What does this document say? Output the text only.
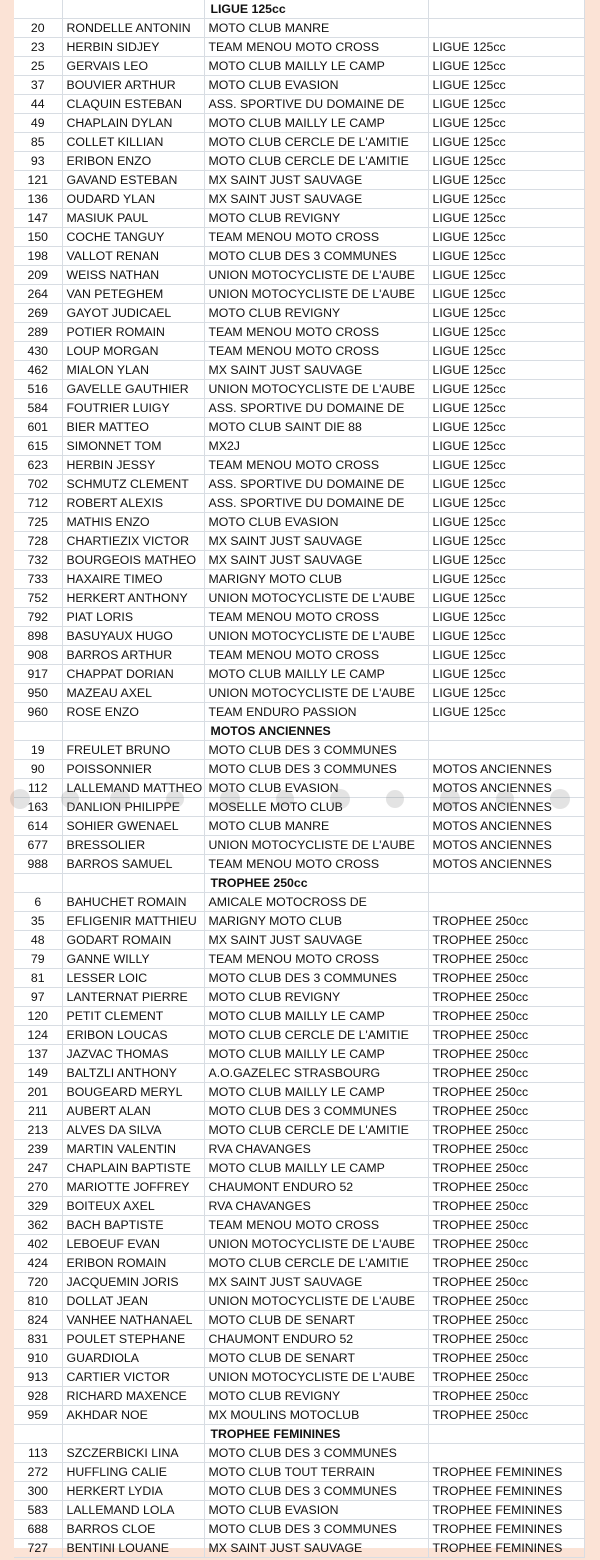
		LIGUE 125cc	
20	RONDELLE ANTONIN	MOTO CLUB MANRE	
23	HERBIN SIDJEY	TEAM MENOU MOTO CROSS	LIGUE 125cc
25	GERVAIS LEO	MOTO CLUB MAILLY LE CAMP	LIGUE 125cc
37	BOUVIER ARTHUR	MOTO CLUB EVASION	LIGUE 125cc
44	CLAQUIN ESTEBAN	ASS. SPORTIVE DU DOMAINE DE	LIGUE 125cc
49	CHAPLAIN DYLAN	MOTO CLUB MAILLY LE CAMP	LIGUE 125cc
85	COLLET KILLIAN	MOTO CLUB CERCLE DE L'AMITIE	LIGUE 125cc
93	ERIBON ENZO	MOTO CLUB CERCLE DE L'AMITIE	LIGUE 125cc
121	GAVAND ESTEBAN	MX SAINT JUST SAUVAGE	LIGUE 125cc
136	OUDARD YLAN	MX SAINT JUST SAUVAGE	LIGUE 125cc
147	MASIUK PAUL	MOTO CLUB REVIGNY	LIGUE 125cc
150	COCHE TANGUY	TEAM MENOU MOTO CROSS	LIGUE 125cc
198	VALLOT RENAN	MOTO CLUB DES 3 COMMUNES	LIGUE 125cc
209	WEISS NATHAN	UNION MOTOCYCLISTE DE L'AUBE	LIGUE 125cc
264	VAN PETEGHEM	UNION MOTOCYCLISTE DE L'AUBE	LIGUE 125cc
269	GAYOT JUDICAEL	MOTO CLUB REVIGNY	LIGUE 125cc
289	POTIER ROMAIN	TEAM MENOU MOTO CROSS	LIGUE 125cc
430	LOUP MORGAN	TEAM MENOU MOTO CROSS	LIGUE 125cc
462	MIALON YLAN	MX SAINT JUST SAUVAGE	LIGUE 125cc
516	GAVELLE GAUTHIER	UNION MOTOCYCLISTE DE L'AUBE	LIGUE 125cc
584	FOUTRIER LUIGY	ASS. SPORTIVE DU DOMAINE DE	LIGUE 125cc
601	BIER MATTEO	MOTO CLUB SAINT DIE 88	LIGUE 125cc
615	SIMONNET TOM	MX2J	LIGUE 125cc
623	HERBIN JESSY	TEAM MENOU MOTO CROSS	LIGUE 125cc
702	SCHMUTZ CLEMENT	ASS. SPORTIVE DU DOMAINE DE	LIGUE 125cc
712	ROBERT ALEXIS	ASS. SPORTIVE DU DOMAINE DE	LIGUE 125cc
725	MATHIS ENZO	MOTO CLUB EVASION	LIGUE 125cc
728	CHARTIEZIX VICTOR	MX SAINT JUST SAUVAGE	LIGUE 125cc
732	BOURGEOIS MATHEO	MX SAINT JUST SAUVAGE	LIGUE 125cc
733	HAXAIRE TIMEO	MARIGNY MOTO CLUB	LIGUE 125cc
752	HERKERT ANTHONY	UNION MOTOCYCLISTE DE L'AUBE	LIGUE 125cc
792	PIAT LORIS	TEAM MENOU MOTO CROSS	LIGUE 125cc
898	BASUYAUX HUGO	UNION MOTOCYCLISTE DE L'AUBE	LIGUE 125cc
908	BARROS ARTHUR	TEAM MENOU MOTO CROSS	LIGUE 125cc
917	CHAPPAT DORIAN	MOTO CLUB MAILLY LE CAMP	LIGUE 125cc
950	MAZEAU AXEL	UNION MOTOCYCLISTE DE L'AUBE	LIGUE 125cc
960	ROSE ENZO	TEAM ENDURO PASSION	LIGUE 125cc
		MOTOS ANCIENNES	
19	FREULET BRUNO	MOTO CLUB DES 3 COMMUNES	
90	POISSONNIER	MOTO CLUB DES 3 COMMUNES	MOTOS ANCIENNES
112	LALLEMAND MATTHEO	MOTO CLUB EVASION	MOTOS ANCIENNES
163	DANLION PHILIPPE	MOSELLE MOTO CLUB	MOTOS ANCIENNES
614	SOHIER GWENAEL	MOTO CLUB MANRE	MOTOS ANCIENNES
677	BRESSOLIER	UNION MOTOCYCLISTE DE L'AUBE	MOTOS ANCIENNES
988	BARROS SAMUEL	TEAM MENOU MOTO CROSS	MOTOS ANCIENNES
		TROPHEE 250cc	
6	BAHUCHET ROMAIN	AMICALE MOTOCROSS DE	
35	EFLIGENIR MATTHIEU	MARIGNY MOTO CLUB	TROPHEE 250cc
48	GODART ROMAIN	MX SAINT JUST SAUVAGE	TROPHEE 250cc
79	GANNE WILLY	TEAM MENOU MOTO CROSS	TROPHEE 250cc
81	LESSER LOIC	MOTO CLUB DES 3 COMMUNES	TROPHEE 250cc
97	LANTERNAT PIERRE	MOTO CLUB REVIGNY	TROPHEE 250cc
120	PETIT CLEMENT	MOTO CLUB MAILLY LE CAMP	TROPHEE 250cc
124	ERIBON LOUCAS	MOTO CLUB CERCLE DE L'AMITIE	TROPHEE 250cc
137	JAZVAC THOMAS	MOTO CLUB MAILLY LE CAMP	TROPHEE 250cc
149	BALTZLI ANTHONY	A.O.GAZELEC STRASBOURG	TROPHEE 250cc
201	BOUGEARD MERYL	MOTO CLUB MAILLY LE CAMP	TROPHEE 250cc
211	AUBERT ALAN	MOTO CLUB DES 3 COMMUNES	TROPHEE 250cc
213	ALVES DA SILVA	MOTO CLUB CERCLE DE L'AMITIE	TROPHEE 250cc
239	MARTIN VALENTIN	RVA CHAVANGES	TROPHEE 250cc
247	CHAPLAIN BAPTISTE	MOTO CLUB MAILLY LE CAMP	TROPHEE 250cc
270	MARIOTTE JOFFREY	CHAUMONT ENDURO 52	TROPHEE 250cc
329	BOITEUX AXEL	RVA CHAVANGES	TROPHEE 250cc
362	BACH BAPTISTE	TEAM MENOU MOTO CROSS	TROPHEE 250cc
402	LEBOEUF EVAN	UNION MOTOCYCLISTE DE L'AUBE	TROPHEE 250cc
424	ERIBON ROMAIN	MOTO CLUB CERCLE DE L'AMITIE	TROPHEE 250cc
720	JACQUEMIN JORIS	MX SAINT JUST SAUVAGE	TROPHEE 250cc
810	DOLLAT JEAN	UNION MOTOCYCLISTE DE L'AUBE	TROPHEE 250cc
824	VANHEE NATHANAEL	MOTO CLUB DE SENART	TROPHEE 250cc
831	POULET STEPHANE	CHAUMONT ENDURO 52	TROPHEE 250cc
910	GUARDIOLA	MOTO CLUB DE SENART	TROPHEE 250cc
913	CARTIER VICTOR	UNION MOTOCYCLISTE DE L'AUBE	TROPHEE 250cc
928	RICHARD MAXENCE	MOTO CLUB REVIGNY	TROPHEE 250cc
959	AKHDAR NOE	MX MOULINS MOTOCLUB	TROPHEE 250cc
		TROPHEE FEMININES	
113	SZCZERBICKI LINA	MOTO CLUB DES 3 COMMUNES	
272	HUFFLING CALIE	MOTO CLUB TOUT TERRAIN	TROPHEE FEMININES
300	HERKERT LYDIA	MOTO CLUB DES 3 COMMUNES	TROPHEE FEMININES
583	LALLEMAND LOLA	MOTO CLUB EVASION	TROPHEE FEMININES
688	BARROS CLOE	MOTO CLUB DES 3 COMMUNES	TROPHEE FEMININES
727	BENTINI LOUANE	MX SAINT JUST SAUVAGE	TROPHEE FEMININES
